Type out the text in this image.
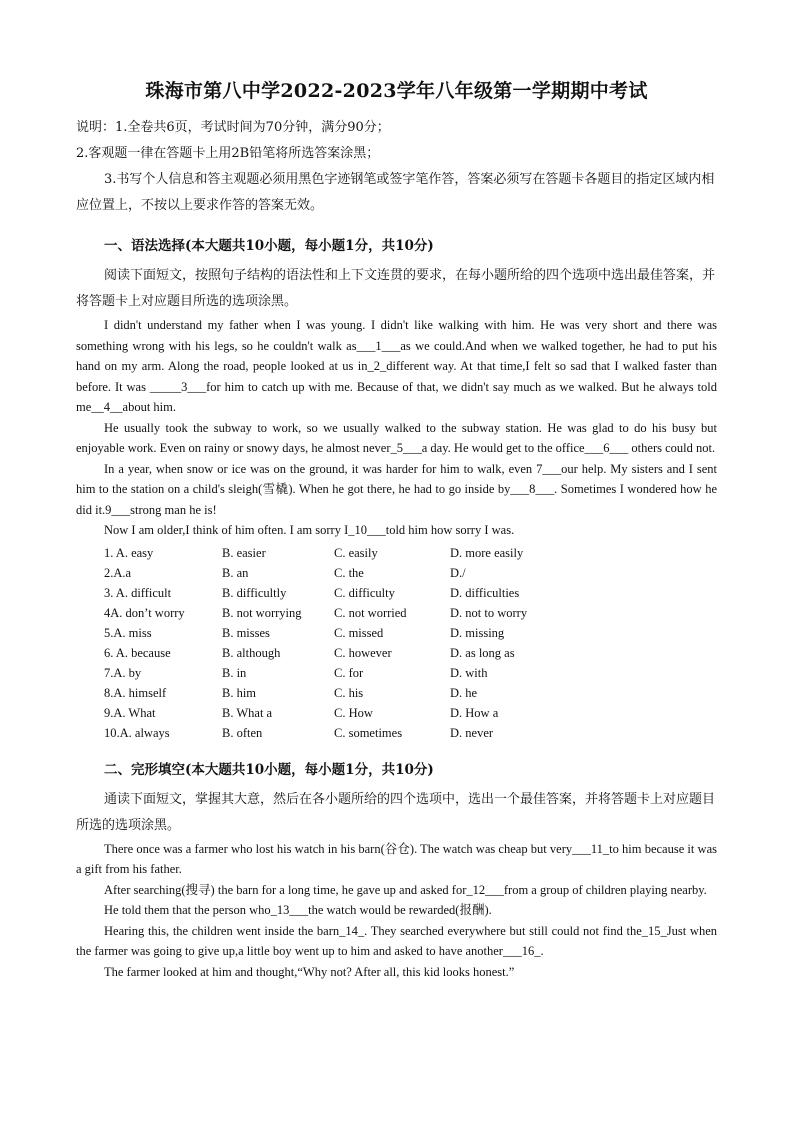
珠海市第八中学2022-2023学年八年级第一学期期中考试

说明：1.全卷共6页，考试时间为70分钟，满分90分；

2.客观题一律在答题卡上用2B铅笔将所选答案涂黑；

3.书写个人信息和答主观题必须用黑色字迹钢笔或签字笔作答，答案必须写在答题卡各题目的指定区域内相应位置上，不按以上要求作答的答案无效。

一、语法选择(本大题共10小题，每小题1分，共10分)

阅读下面短文，按照句子结构的语法性和上下文连贯的要求，在每小题所给的四个选项中选出最佳答案，并将答题卡上对应题目所选的选项涂黑。

I didn't understand my father when I was young. I didn't like walking with him. He was very short and there was something wrong with his legs, so he couldn't walk as___1___as we could.And when we walked together, he had to put his hand on my arm. Along the road, people looked at us in_2_different way. At that time,I felt so sad that I walked faster than before. It was _____3___for him to catch up with me. Because of that, we didn't say much as we walked. But he always told me__4__about him.

He usually took the subway to work, so we usually walked to the subway station. He was glad to do his busy but enjoyable work. Even on rainy or snowy days, he almost never_5___a day. He would get to the office___6___ others could not.

In a year, when snow or ice was on the ground, it was harder for him to walk, even 7___our help. My sisters and I sent him to the station on a child's sleigh(雪橇). When he got there, he had to go inside by___8___. Sometimes I wondered how he did it.9___strong man he is!

Now I am older,I think of him often. I am sorry I_10___told him how sorry I was.

1. A. easy	B. easier	C. easily	D. more easily
2.A.a	B. an	C. the	D./
3. A. difficult	B. difficultly	C. difficulty	D. difficulties
4A. don’t worry	B. not worrying	C. not worried	D. not to worry
5.A. miss	B. misses	C. missed	D. missing
6. A. because	B. although	C. however	D. as long as
7.A. by	B. in	C. for	D. with
8.A. himself	B. him	C. his	D. he
9.A. What	B. What a	C. How	D. How a
10.A. always	B. often	C. sometimes	D. never
二、完形填空(本大题共10小题，每小题1分，共10分)

通读下面短文，掌握其大意，然后在各小题所给的四个选项中，选出一个最佳答案，并将答题卡上对应题目所选的选项涂黑。

There once was a farmer who lost his watch in his barn(谷仓). The watch was cheap but very___11_to him because it was a gift from his father.

After searching(搜寻) the barn for a long time, he gave up and asked for_12___from a group of children playing nearby.

He told them that the person who_13___the watch would be rewarded(报酬).

Hearing this, the children went inside the barn_14_. They searched everywhere but still could not find the_15_Just when the farmer was going to give up,a little boy went up to him and asked to have another___16_.

The farmer looked at him and thought,“Why not? After all, this kid looks honest.”
